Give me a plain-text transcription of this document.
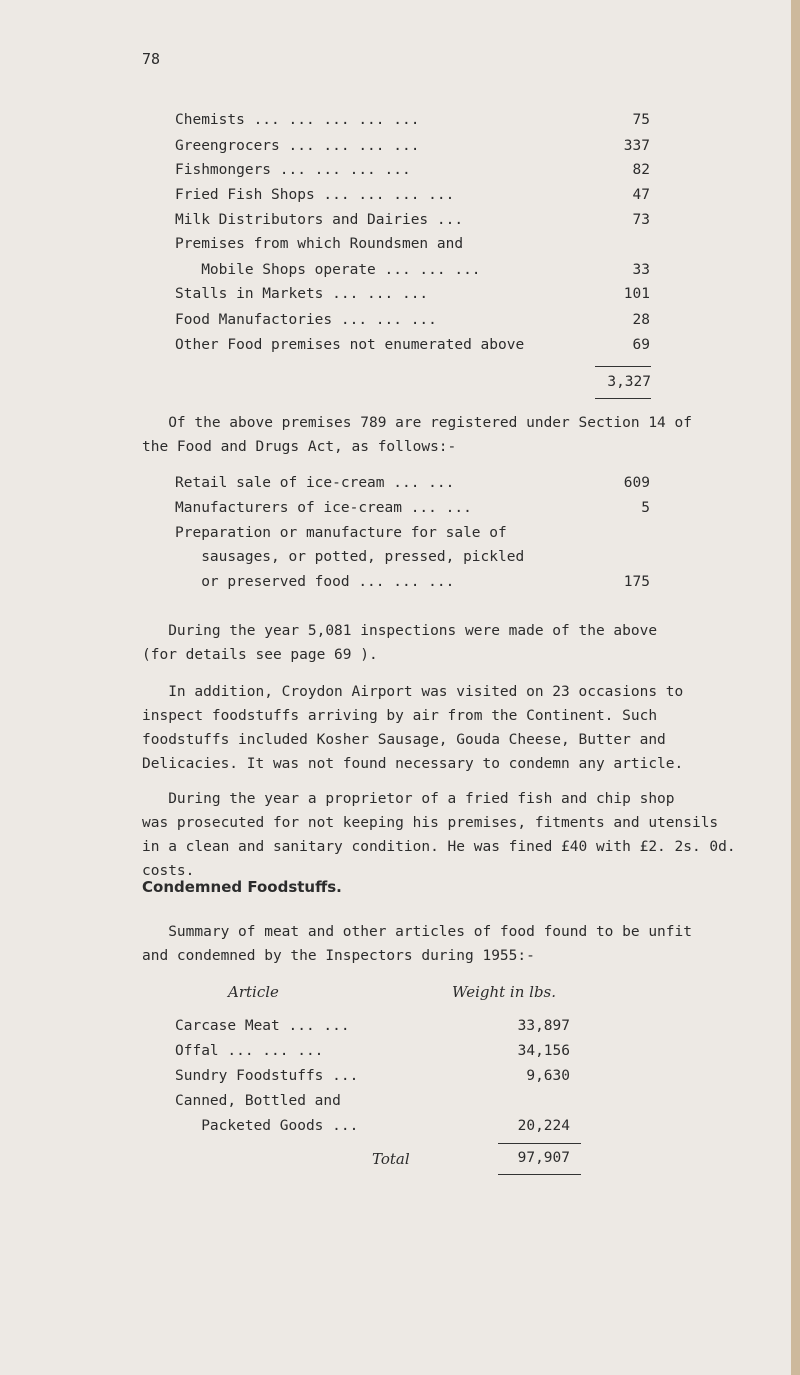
78
Chemists ... ... ... ... ...	75
Greengrocers ... ... ... ...	337
Fishmongers ... ... ... ...	82
Fried Fish Shops ... ... ... ...	47
Milk Distributors and Dairies ...	73
Premises from which Roundsmen and
Mobile Shops operate ... ... ...	33
Stalls in Markets ... ... ...	101
Food Manufactories ... ... ...	28
Other Food premises not enumerated above	69
3,327
Of the above premises 789 are registered under Section 14 of
the Food and Drugs Act, as follows:-
Retail sale of ice-cream ... ...	609
Manufacturers of ice-cream ... ...	5
Preparation or manufacture for sale of
sausages, or potted, pressed, pickled
or preserved food ... ... ...	175
During the year 5,081 inspections were made of the above
(for details see page 69 ).
In addition, Croydon Airport was visited on 23 occasions to
inspect foodstuffs arriving by air from the Continent. Such
foodstuffs included Kosher Sausage, Gouda Cheese, Butter and
Delicacies. It was not found necessary to condemn any article.
During the year a proprietor of a fried fish and chip shop
was prosecuted for not keeping his premises, fitments and utensils
in a clean and sanitary condition. He was fined £40 with £2. 2s. 0d.
costs.
Condemned Foodstuffs.
Summary of meat and other articles of food found to be unfit
and condemned by the Inspectors during 1955:-
Article	Weight in lbs.
Carcase Meat ... ...	33,897
Offal ... ... ...	34,156
Sundry Foodstuffs ...	9,630
Canned, Bottled and
Packeted Goods ...	20,224
Total	97,907
